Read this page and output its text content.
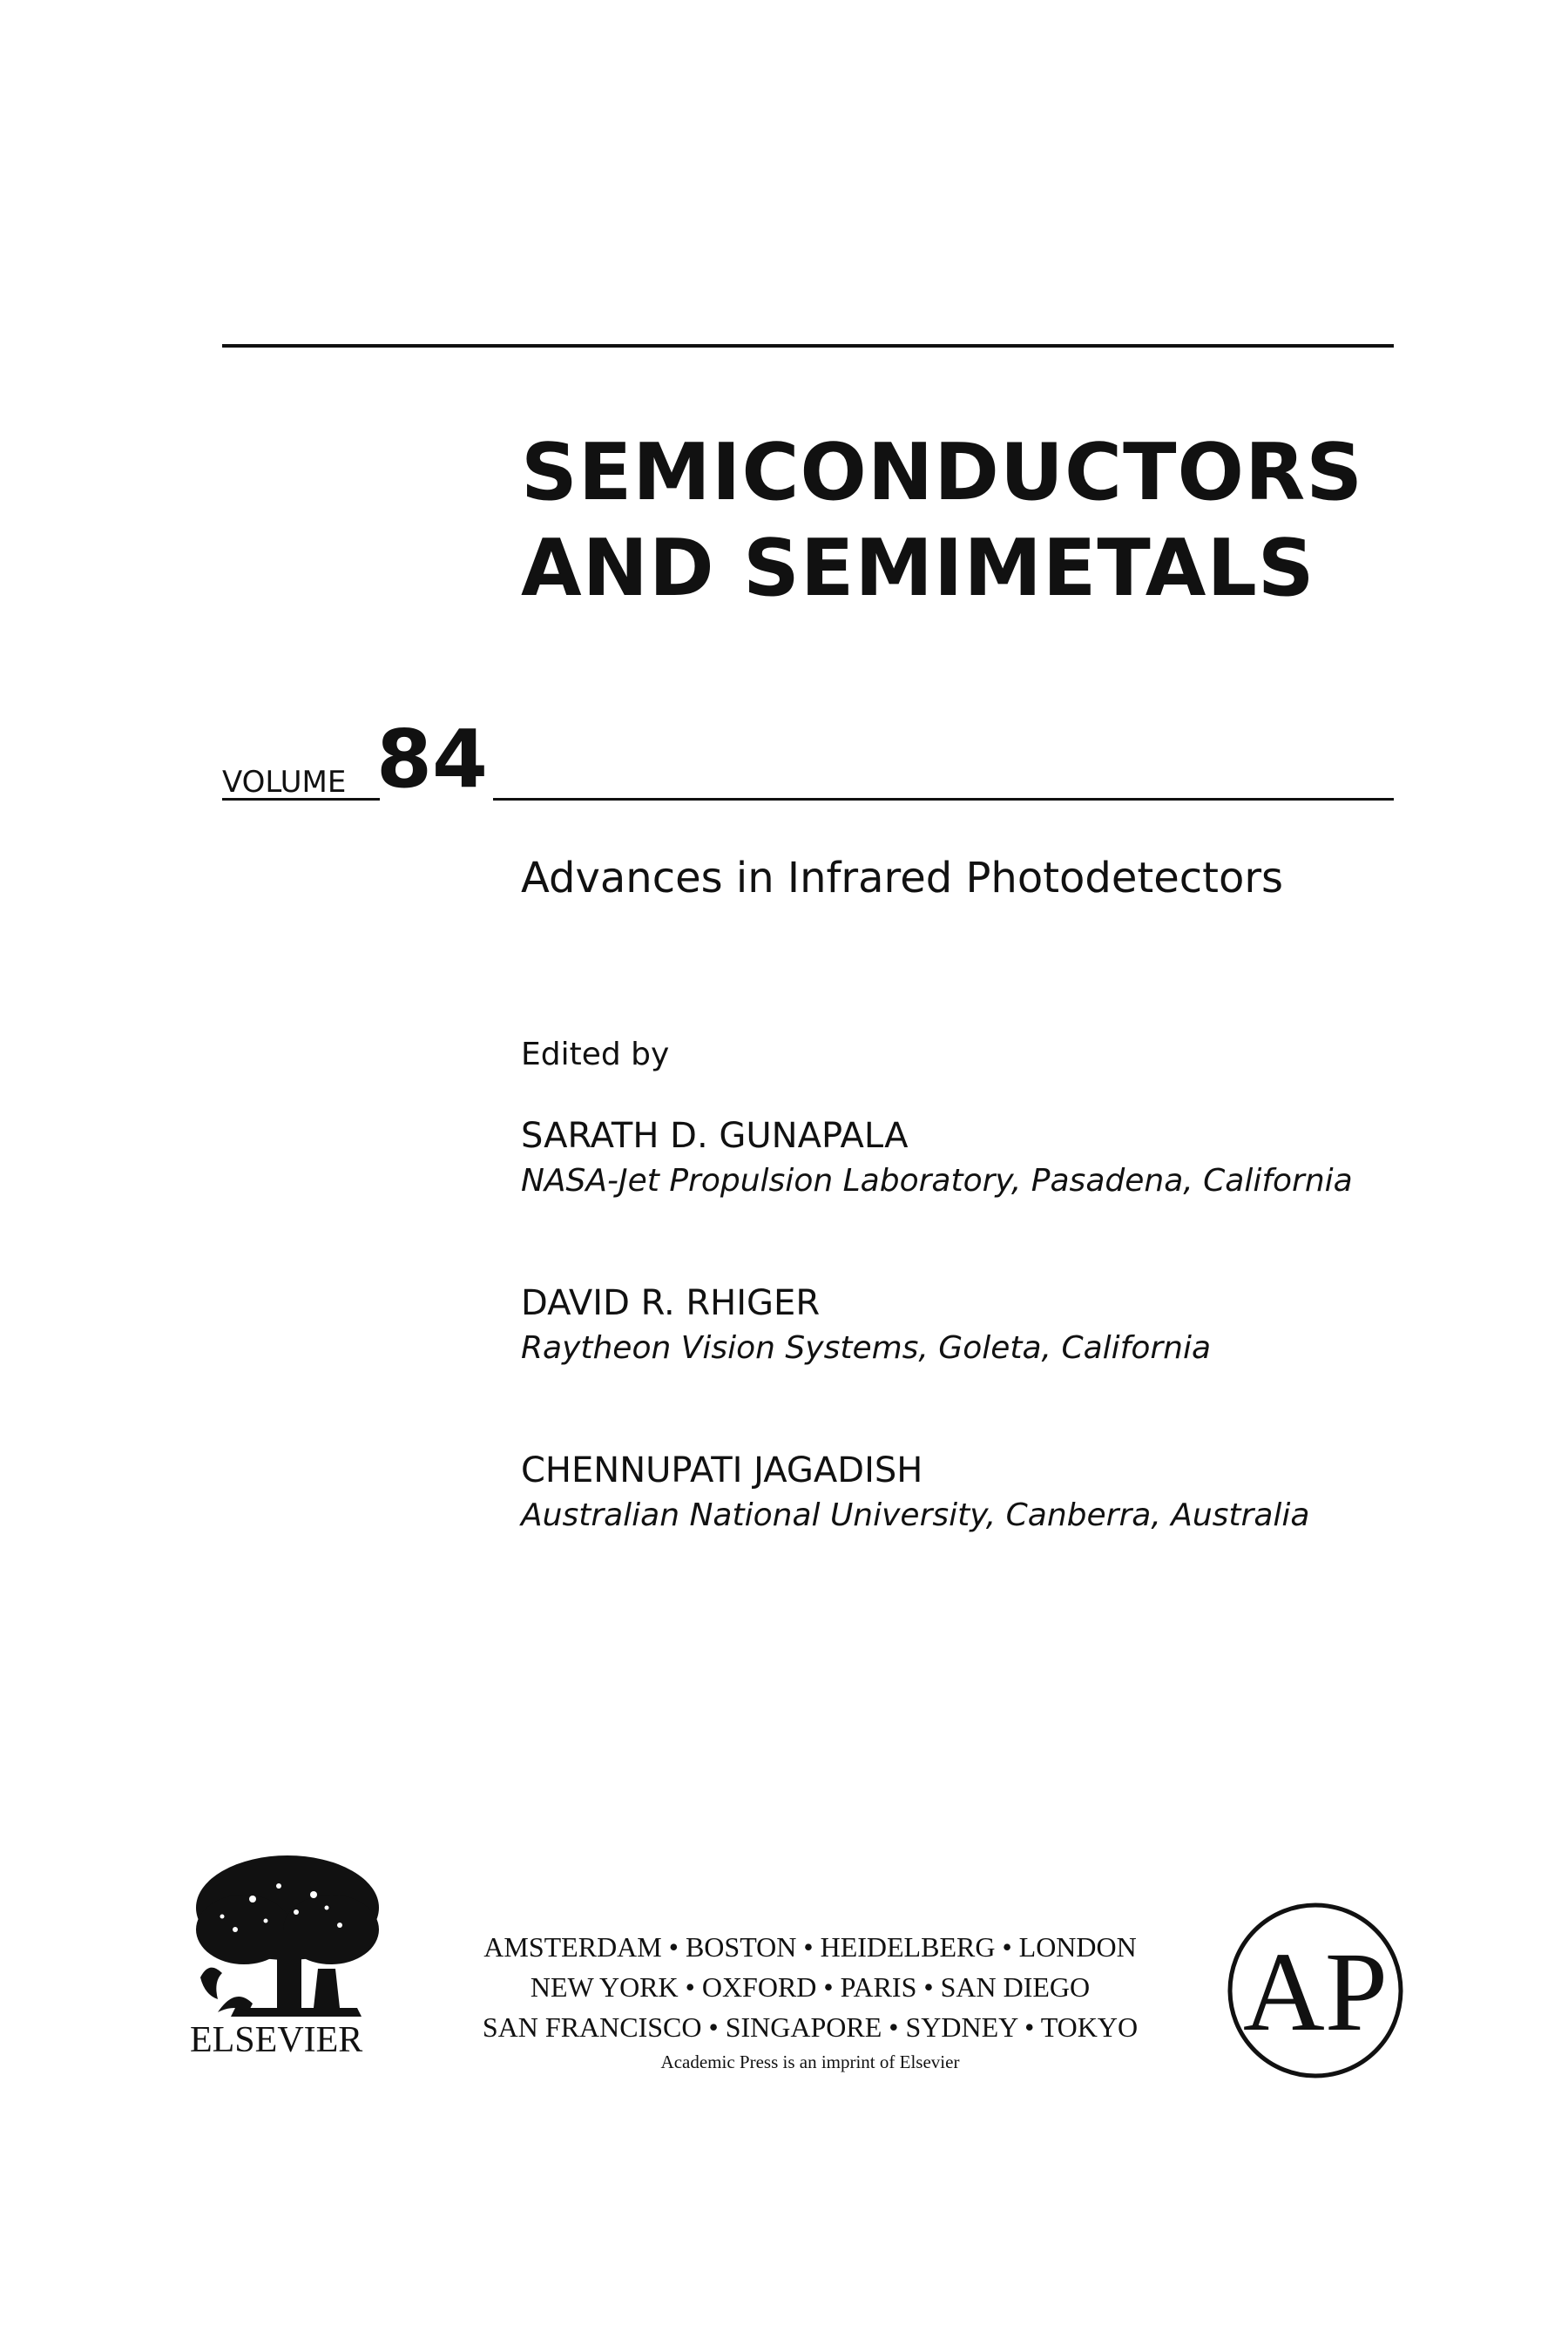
SEMICONDUCTORS
AND SEMIMETALS
VOLUME 84
Advances in Infrared Photodetectors
Edited by
SARATH D. GUNAPALA
NASA-Jet Propulsion Laboratory, Pasadena, California
DAVID R. RHIGER
Raytheon Vision Systems, Goleta, California
CHENNUPATI JAGADISH
Australian National University, Canberra, Australia
ELSEVIER
AMSTERDAM • BOSTON • HEIDELBERG • LONDON
NEW YORK • OXFORD • PARIS • SAN DIEGO
SAN FRANCISCO • SINGAPORE • SYDNEY • TOKYO
Academic Press is an imprint of Elsevier
AP
